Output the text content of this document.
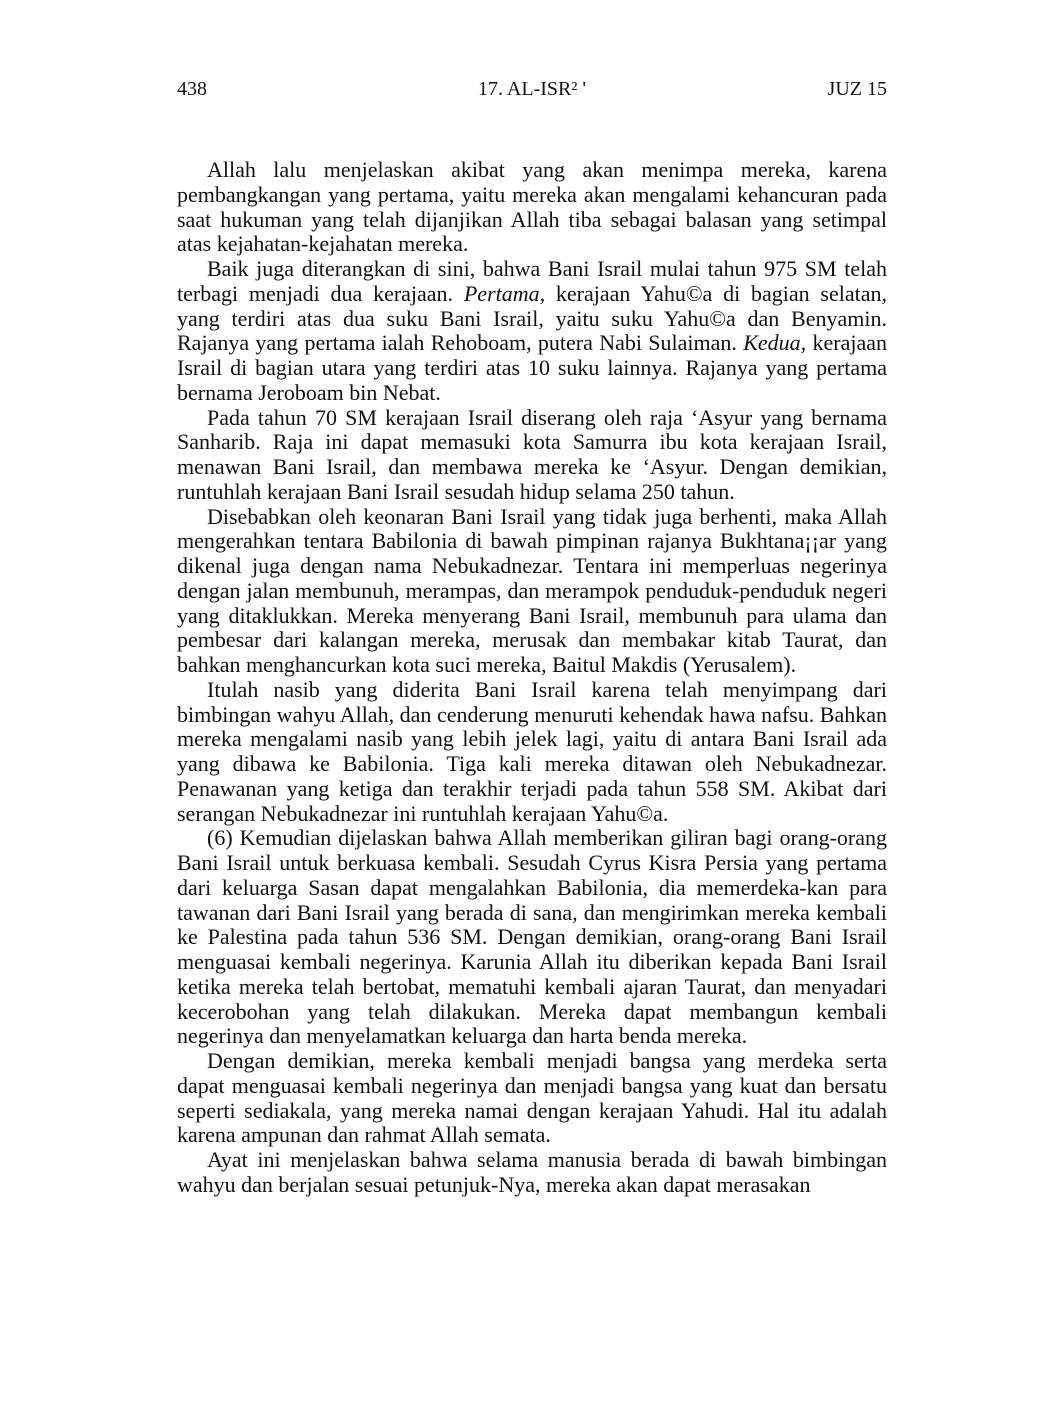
438	17. AL-ISR² '	JUZ 15

Allah lalu menjelaskan akibat yang akan menimpa mereka, karena pembangkangan yang pertama, yaitu mereka akan mengalami kehancuran pada saat hukuman yang telah dijanjikan Allah tiba sebagai balasan yang setimpal atas kejahatan-kejahatan mereka.

Baik juga diterangkan di sini, bahwa Bani Israil mulai tahun 975 SM telah terbagi menjadi dua kerajaan. Pertama, kerajaan Yahu©a di bagian selatan, yang terdiri atas dua suku Bani Israil, yaitu suku Yahu©a dan Benyamin. Rajanya yang pertama ialah Rehoboam, putera Nabi Sulaiman. Kedua, kerajaan Israil di bagian utara yang terdiri atas 10 suku lainnya. Rajanya yang pertama bernama Jeroboam bin Nebat.

Pada tahun 70 SM kerajaan Israil diserang oleh raja ‘Asyur yang bernama Sanharib. Raja ini dapat memasuki kota Samurra ibu kota kerajaan Israil, menawan Bani Israil, dan membawa mereka ke ‘Asyur. Dengan demikian, runtuhlah kerajaan Bani Israil sesudah hidup selama 250 tahun.

Disebabkan oleh keonaran Bani Israil yang tidak juga berhenti, maka Allah mengerahkan tentara Babilonia di bawah pimpinan rajanya Bukhtana¡¡ar yang dikenal juga dengan nama Nebukadnezar. Tentara ini memperluas negerinya dengan jalan membunuh, merampas, dan merampok penduduk-penduduk negeri yang ditaklukkan. Mereka menyerang Bani Israil, membunuh para ulama dan pembesar dari kalangan mereka, merusak dan membakar kitab Taurat, dan bahkan menghancurkan kota suci mereka, Baitul Makdis (Yerusalem).

Itulah nasib yang diderita Bani Israil karena telah menyimpang dari bimbingan wahyu Allah, dan cenderung menuruti kehendak hawa nafsu. Bahkan mereka mengalami nasib yang lebih jelek lagi, yaitu di antara Bani Israil ada yang dibawa ke Babilonia. Tiga kali mereka ditawan oleh Nebukadnezar. Penawanan yang ketiga dan terakhir terjadi pada tahun 558 SM. Akibat dari serangan Nebukadnezar ini runtuhlah kerajaan Yahu©a.

(6) Kemudian dijelaskan bahwa Allah memberikan giliran bagi orang-orang Bani Israil untuk berkuasa kembali. Sesudah Cyrus Kisra Persia yang pertama dari keluarga Sasan dapat mengalahkan Babilonia, dia memerdeka-kan para tawanan dari Bani Israil yang berada di sana, dan mengirimkan mereka kembali ke Palestina pada tahun 536 SM. Dengan demikian, orang-orang Bani Israil menguasai kembali negerinya. Karunia Allah itu diberikan kepada Bani Israil ketika mereka telah bertobat, mematuhi kembali ajaran Taurat, dan menyadari kecerobohan yang telah dilakukan. Mereka dapat membangun kembali negerinya dan menyelamatkan keluarga dan harta benda mereka.

Dengan demikian, mereka kembali menjadi bangsa yang merdeka serta dapat menguasai kembali negerinya dan menjadi bangsa yang kuat dan bersatu seperti sediakala, yang mereka namai dengan kerajaan Yahudi. Hal itu adalah karena ampunan dan rahmat Allah semata.

Ayat ini menjelaskan bahwa selama manusia berada di bawah bimbingan wahyu dan berjalan sesuai petunjuk-Nya, mereka akan dapat merasakan
